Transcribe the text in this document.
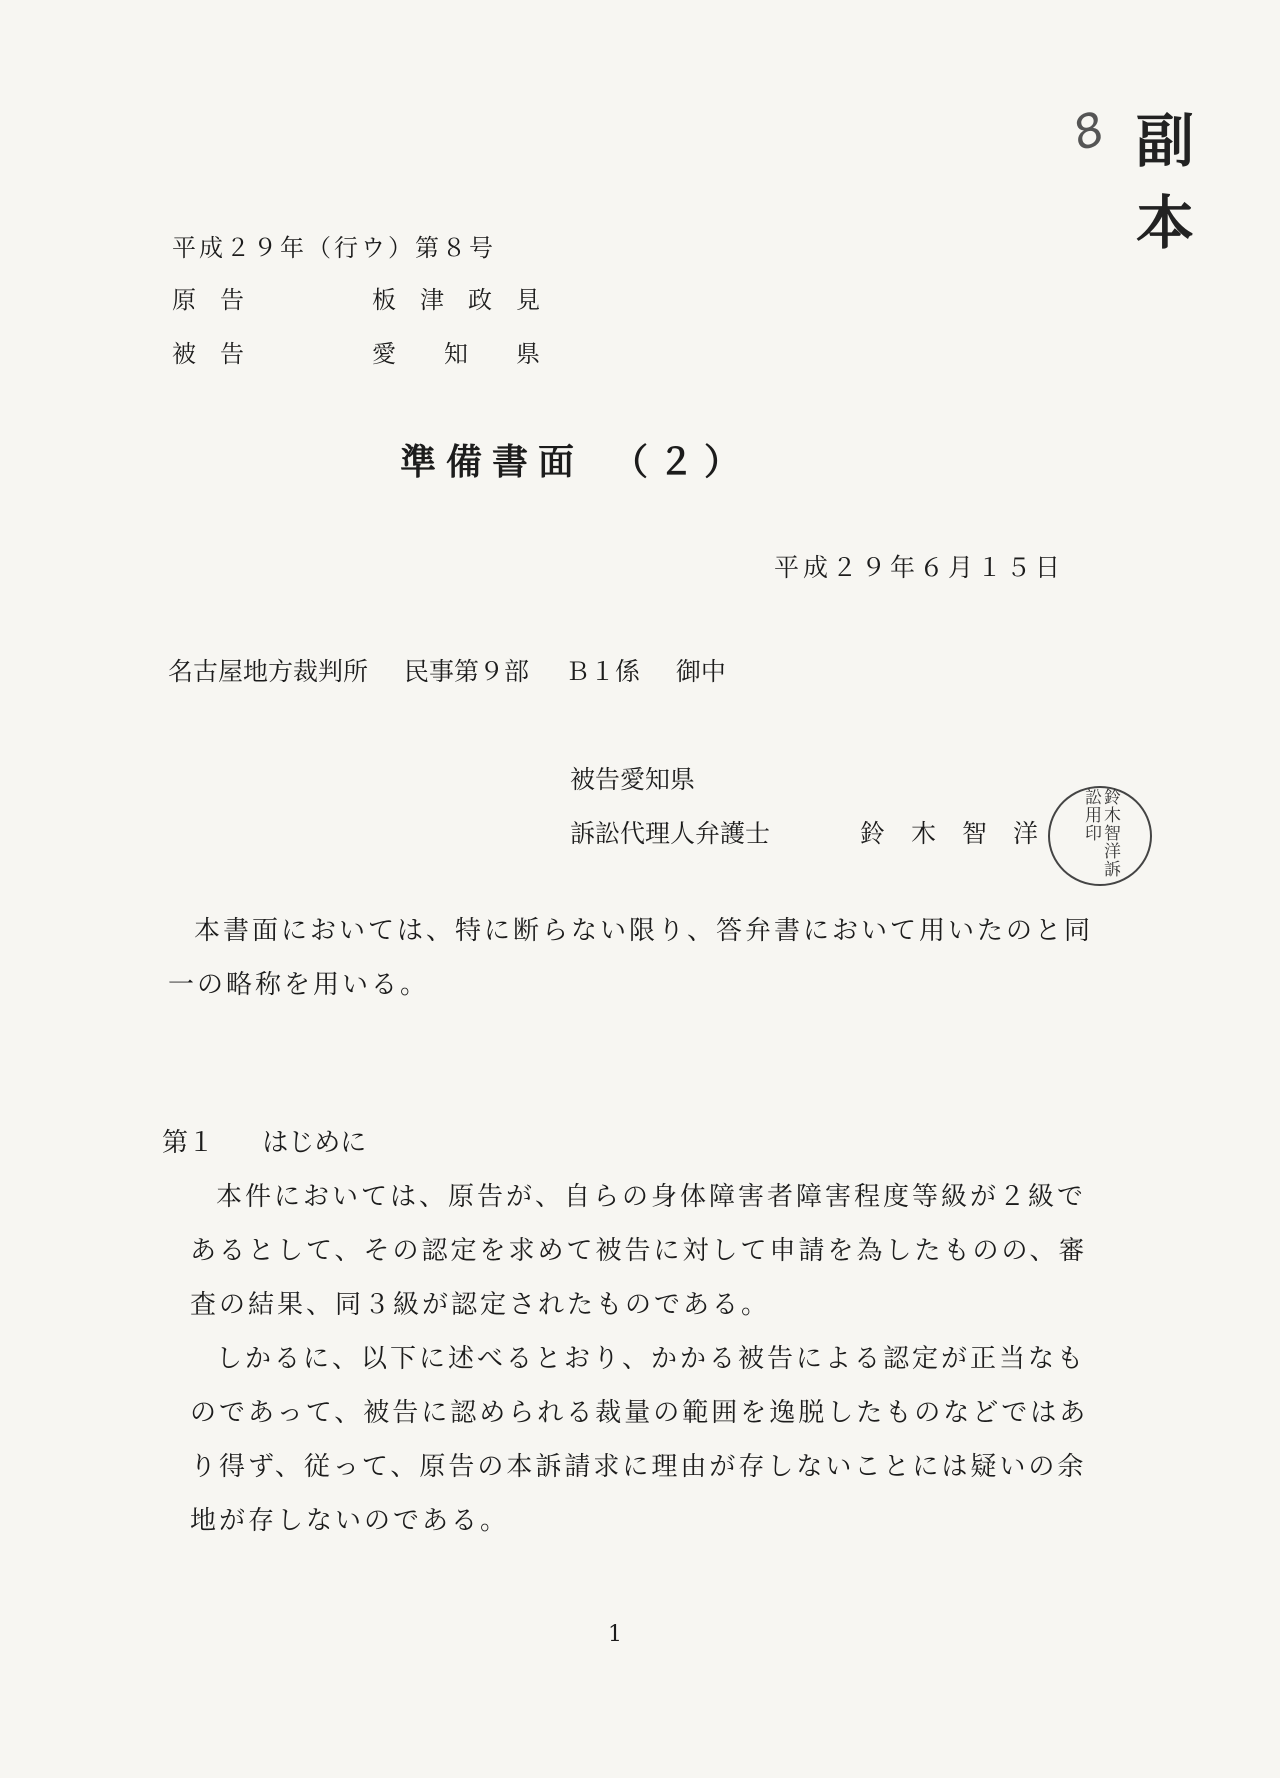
8 副本
平成２９年（行ウ）第８号
原　告	板　津　政　見
被　告	愛　　知　　県
準備書面　（２）
平成２９年６月１５日
名古屋地方裁判所 民事第９部 Ｂ１係 御中
被告愛知県
訴訟代理人弁護士	鈴木智洋	鈴木智洋訴訟用印
本書面においては、特に断らない限り、答弁書において用いたのと同
一の略称を用いる。
第１ はじめに
本件においては、原告が、自らの身体障害者障害程度等級が２級で
あるとして、その認定を求めて被告に対して申請を為したものの、審
査の結果、同３級が認定されたものである。
しかるに、以下に述べるとおり、かかる被告による認定が正当なも
のであって、被告に認められる裁量の範囲を逸脱したものなどではあ
り得ず、従って、原告の本訴請求に理由が存しないことには疑いの余
地が存しないのである。
1
